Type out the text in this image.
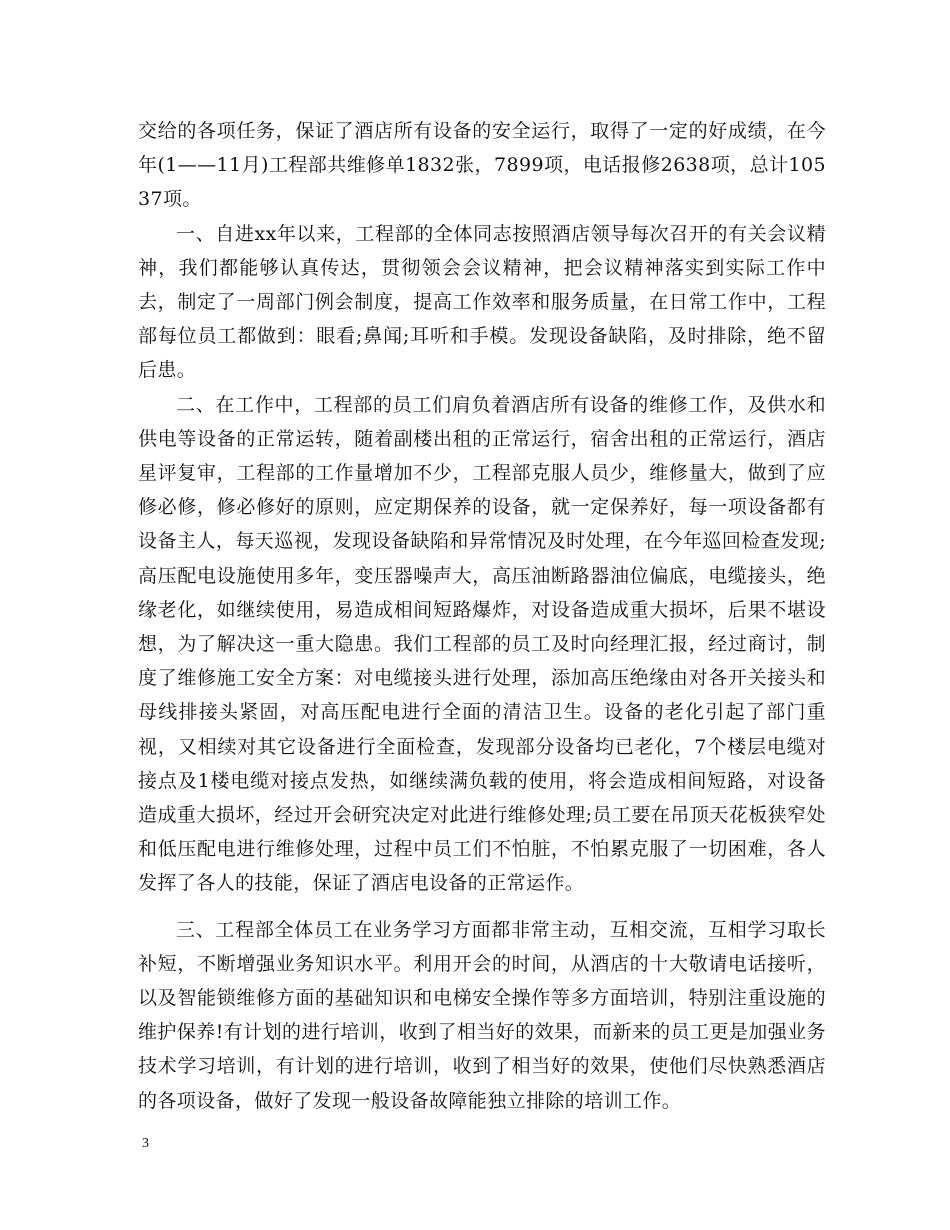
交给的各项任务，保证了酒店所有设备的安全运行，取得了一定的好成绩，在今年(1——11月)工程部共维修单1832张，7899项，电话报修2638项，总计10537项。

一、自进xx年以来，工程部的全体同志按照酒店领导每次召开的有关会议精神，我们都能够认真传达，贯彻领会会议精神，把会议精神落实到实际工作中去，制定了一周部门例会制度，提高工作效率和服务质量，在日常工作中，工程部每位员工都做到：眼看;鼻闻;耳听和手模。发现设备缺陷，及时排除，绝不留后患。

二、在工作中，工程部的员工们肩负着酒店所有设备的维修工作，及供水和供电等设备的正常运转，随着副楼出租的正常运行，宿舍出租的正常运行，酒店星评复审，工程部的工作量增加不少，工程部克服人员少，维修量大，做到了应修必修，修必修好的原则，应定期保养的设备，就一定保养好，每一项设备都有设备主人，每天巡视，发现设备缺陷和异常情况及时处理，在今年巡回检查发现;高压配电设施使用多年，变压器噪声大，高压油断路器油位偏底，电缆接头，绝缘老化，如继续使用，易造成相间短路爆炸，对设备造成重大损坏，后果不堪设想，为了解决这一重大隐患。我们工程部的员工及时向经理汇报，经过商讨，制度了维修施工安全方案：对电缆接头进行处理，添加高压绝缘由对各开关接头和母线排接头紧固，对高压配电进行全面的清洁卫生。设备的老化引起了部门重视，又相续对其它设备进行全面检查，发现部分设备均已老化，7个楼层电缆对接点及1楼电缆对接点发热，如继续满负载的使用，将会造成相间短路，对设备造成重大损坏，经过开会研究决定对此进行维修处理;员工要在吊顶天花板狭窄处和低压配电进行维修处理，过程中员工们不怕脏，不怕累克服了一切困难，各人发挥了各人的技能，保证了酒店电设备的正常运作。

三、工程部全体员工在业务学习方面都非常主动，互相交流，互相学习取长补短，不断增强业务知识水平。利用开会的时间，从酒店的十大敬请电话接听，以及智能锁维修方面的基础知识和电梯安全操作等多方面培训，特别注重设施的维护保养!有计划的进行培训，收到了相当好的效果，而新来的员工更是加强业务技术学习培训，有计划的进行培训，收到了相当好的效果，使他们尽快熟悉酒店的各项设备，做好了发现一般设备故障能独立排除的培训工作。

3
